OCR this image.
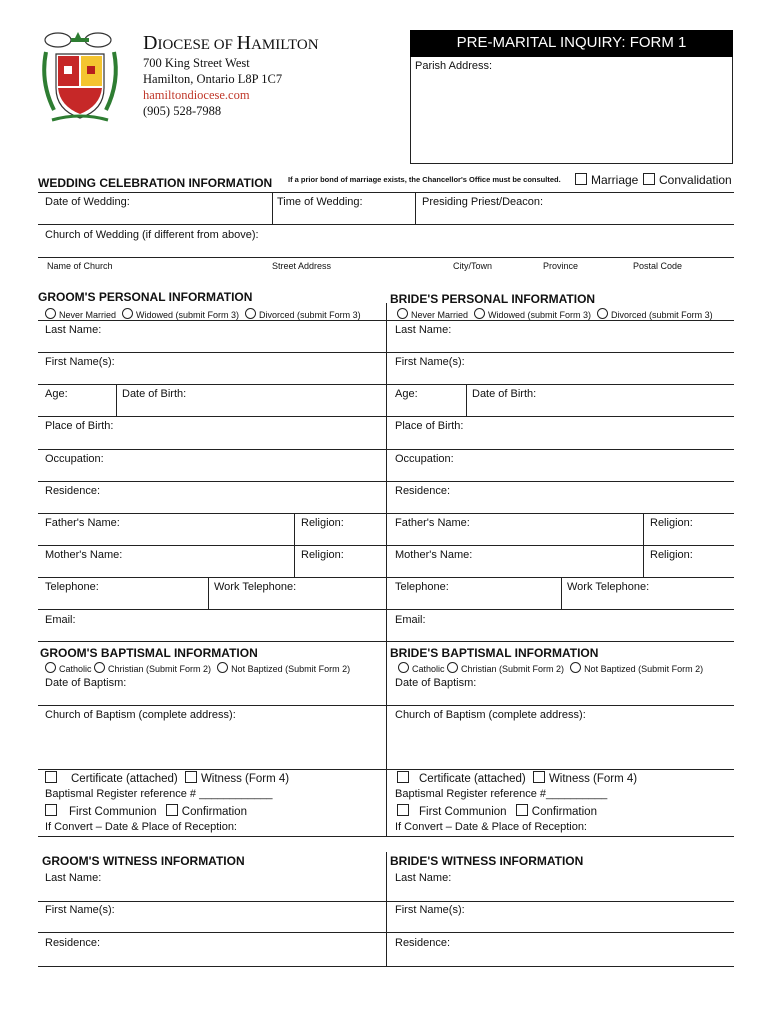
DIOCESE OF HAMILTON
700 King Street West
Hamilton, Ontario L8P 1C7
hamiltondiocese.com
(905) 528-7988
PRE-MARITAL INQUIRY: FORM 1
Parish Address:
WEDDING CELEBRATION INFORMATION If a prior bond of marriage exists, the Chancellor's Office must be consulted.	Marriage	Convalidation
Date of Wedding:	Time of Wedding:	Presiding Priest/Deacon:
Church of Wedding (if different from above):
Name of Church	Street Address	City/Town	Province	Postal Code
GROOM'S PERSONAL INFORMATION	BRIDE'S PERSONAL INFORMATION
Never Married Widowed (submit Form 3) Divorced (submit Form 3)	Never Married Widowed (submit Form 3) Divorced (submit Form 3)
Last Name:	Last Name:
First Name(s):	First Name(s):
Age:	Date of Birth:	Age:	Date of Birth:
Place of Birth:	Place of Birth:
Occupation:	Occupation:
Residence:	Residence:
Father's Name:	Religion:	Father's Name:	Religion:
Mother's Name:	Religion:	Mother's Name:	Religion:
Telephone:	Work Telephone:	Telephone:	Work Telephone:
Email:	Email:
GROOM'S BAPTISMAL INFORMATION	BRIDE'S BAPTISMAL INFORMATION
Catholic Christian (Submit Form 2) Not Baptized (Submit Form 2)	Catholic Christian (Submit Form 2) Not Baptized (Submit Form 2)
Date of Baptism:	Date of Baptism:
Church of Baptism (complete address):	Church of Baptism (complete address):
Certificate (attached) Witness (Form 4)	Certificate (attached) Witness (Form 4)
Baptismal Register reference # ____________	Baptismal Register reference #__________
First Communion Confirmation	First Communion Confirmation
If Convert – Date & Place of Reception:	If Convert – Date & Place of Reception:
GROOM'S WITNESS INFORMATION	BRIDE'S WITNESS INFORMATION
Last Name:	Last Name:
First Name(s):	First Name(s):
Residence:	Residence:
